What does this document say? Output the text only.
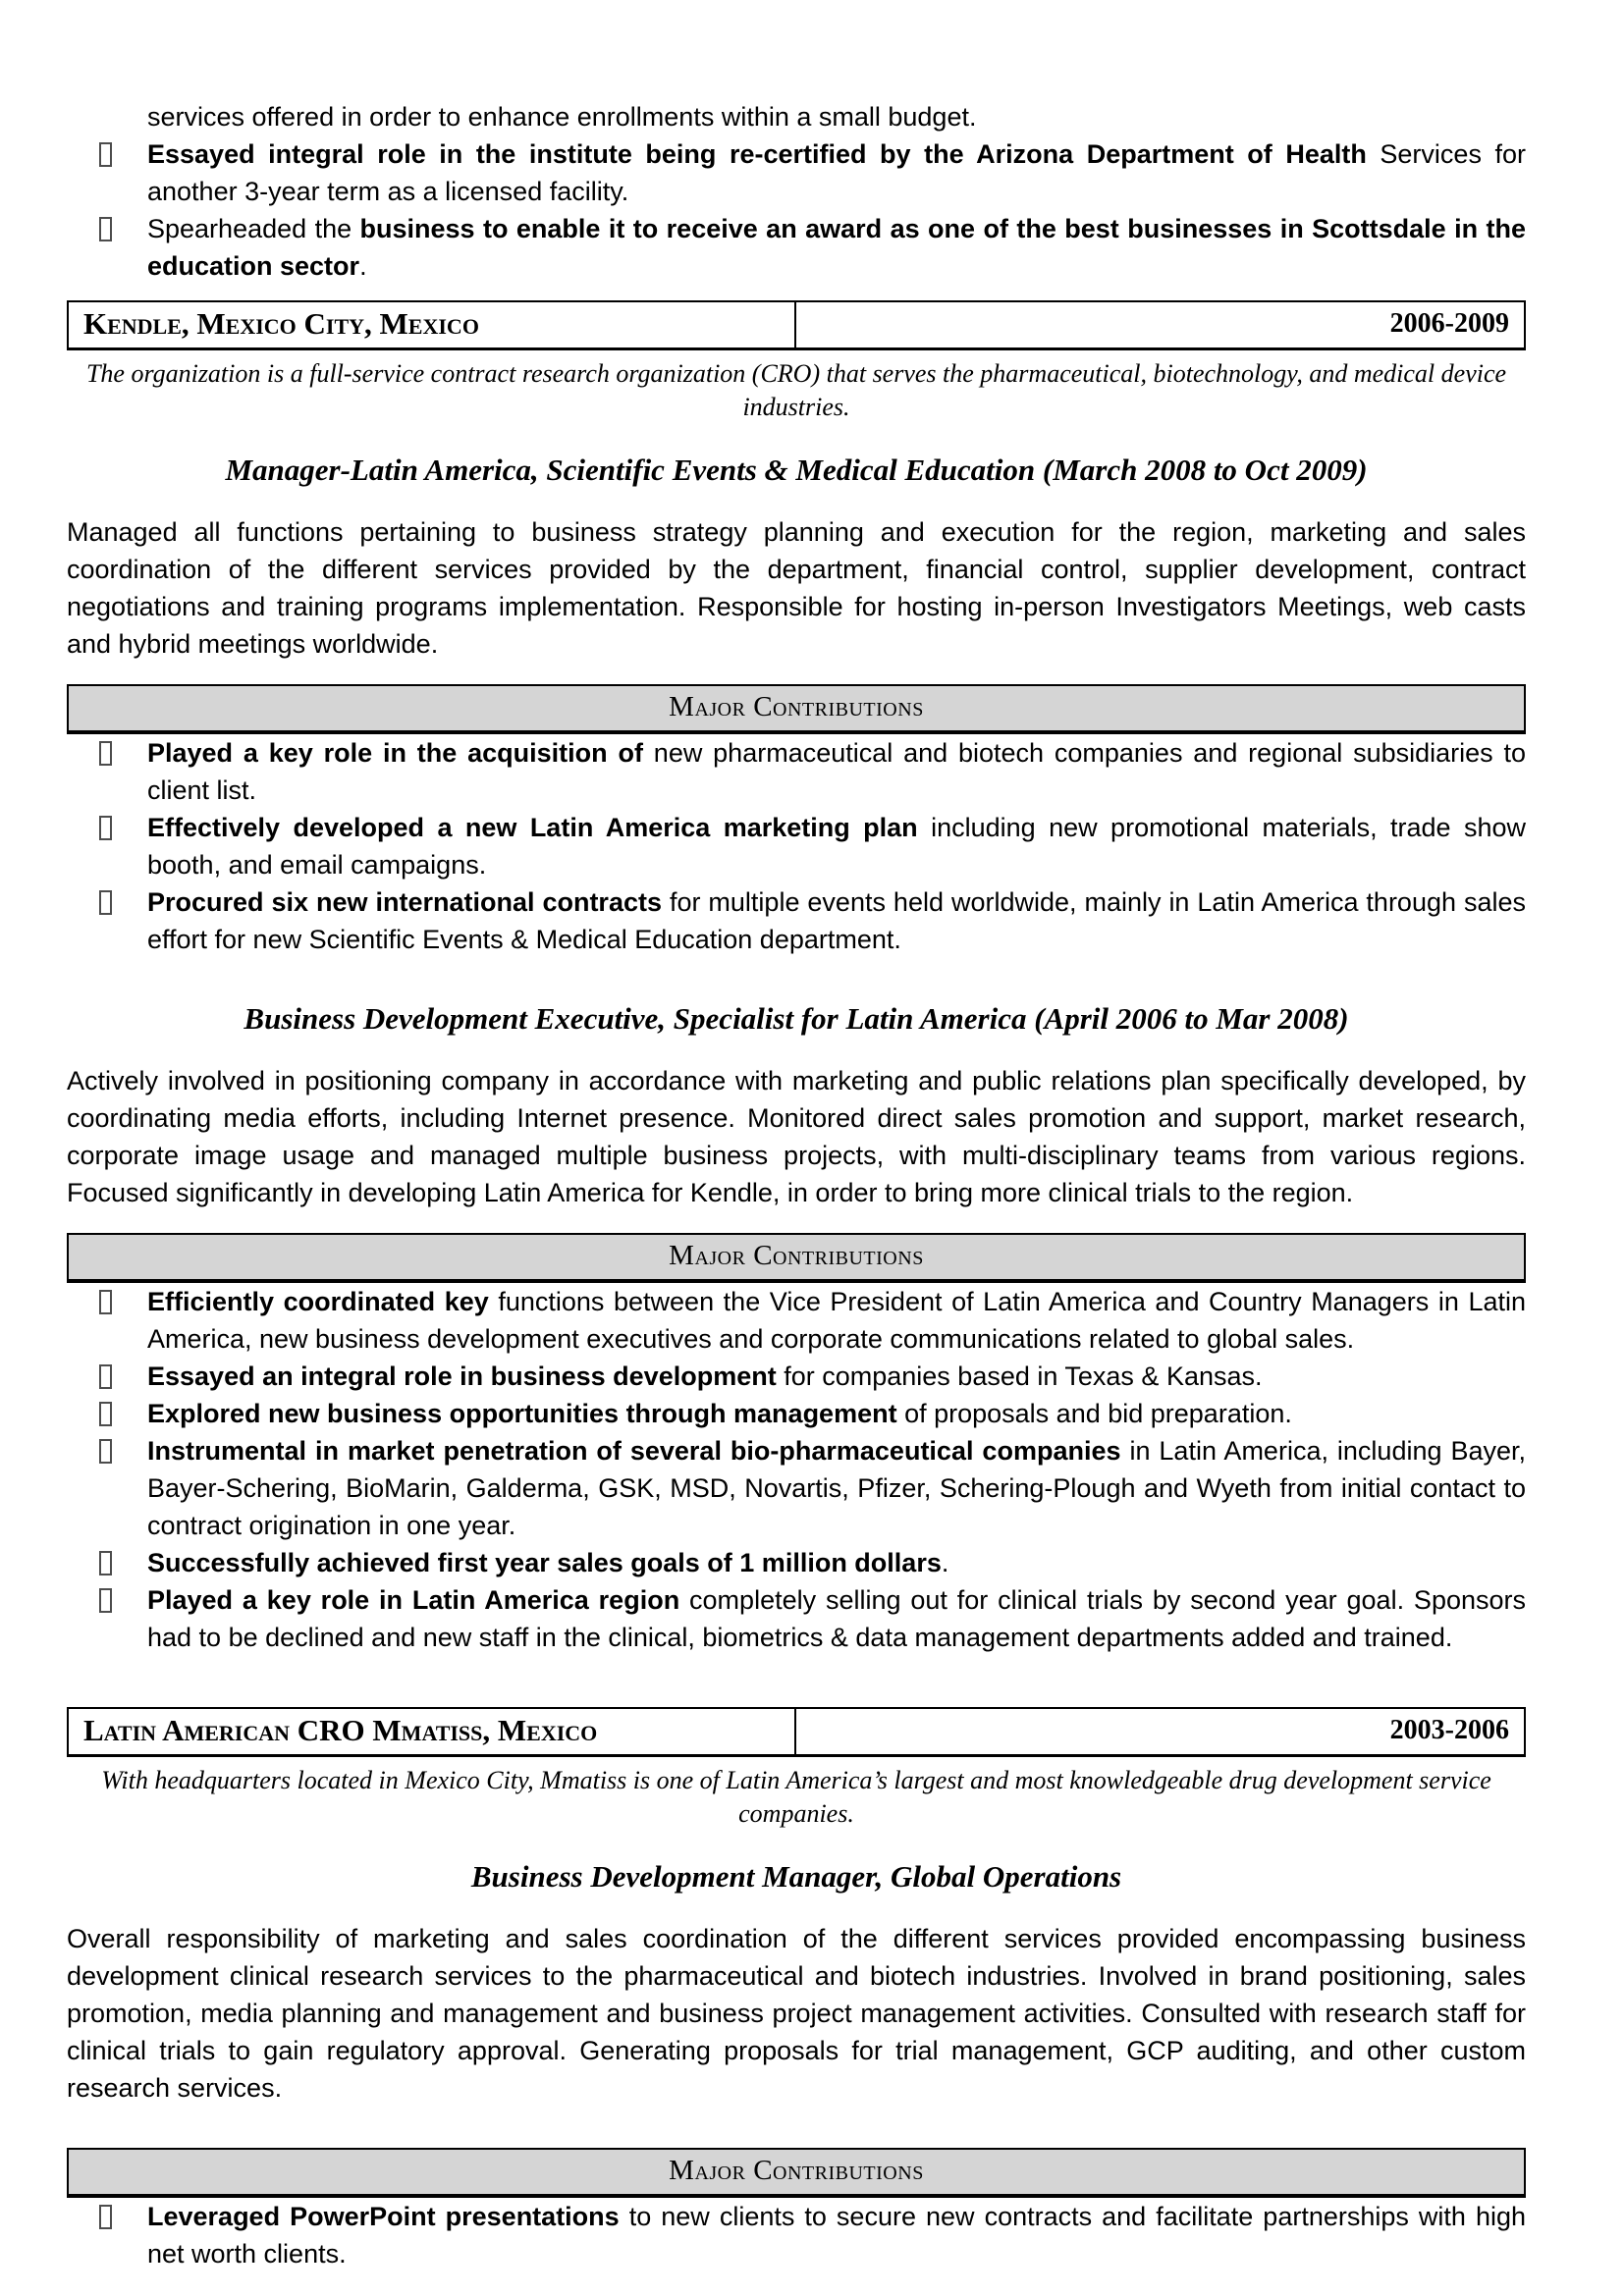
services offered in order to enhance enrollments within a small budget.
Essayed integral role in the institute being re-certified by the Arizona Department of Health Services for another 3-year term as a licensed facility.
Spearheaded the business to enable it to receive an award as one of the best businesses in Scottsdale in the education sector.
Kendle, Mexico City, Mexico	2006-2009
The organization is a full-service contract research organization (CRO) that serves the pharmaceutical, biotechnology, and medical device industries.
Manager-Latin America, Scientific Events & Medical Education (March 2008 to Oct 2009)
Managed all functions pertaining to business strategy planning and execution for the region, marketing and sales coordination of the different services provided by the department, financial control, supplier development, contract negotiations and training programs implementation. Responsible for hosting in-person Investigators Meetings, web casts and hybrid meetings worldwide.
Major Contributions
Played a key role in the acquisition of new pharmaceutical and biotech companies and regional subsidiaries to client list.
Effectively developed a new Latin America marketing plan including new promotional materials, trade show booth, and email campaigns.
Procured six new international contracts for multiple events held worldwide, mainly in Latin America through sales effort for new Scientific Events & Medical Education department.
Business Development Executive, Specialist for Latin America (April 2006 to Mar 2008)
Actively involved in positioning company in accordance with marketing and public relations plan specifically developed, by coordinating media efforts, including Internet presence. Monitored direct sales promotion and support, market research, corporate image usage and managed multiple business projects, with multi-disciplinary teams from various regions. Focused significantly in developing Latin America for Kendle, in order to bring more clinical trials to the region.
Major Contributions
Efficiently coordinated key functions between the Vice President of Latin America and Country Managers in Latin America, new business development executives and corporate communications related to global sales.
Essayed an integral role in business development for companies based in Texas & Kansas.
Explored new business opportunities through management of proposals and bid preparation.
Instrumental in market penetration of several bio-pharmaceutical companies in Latin America, including Bayer, Bayer-Schering, BioMarin, Galderma, GSK, MSD, Novartis, Pfizer, Schering-Plough and Wyeth from initial contact to contract origination in one year.
Successfully achieved first year sales goals of 1 million dollars.
Played a key role in Latin America region completely selling out for clinical trials by second year goal. Sponsors had to be declined and new staff in the clinical, biometrics & data management departments added and trained.
Latin American CRO Mmatiss, Mexico	2003-2006
With headquarters located in Mexico City, Mmatiss is one of Latin America’s largest and most knowledgeable drug development service companies.
Business Development Manager, Global Operations
Overall responsibility of marketing and sales coordination of the different services provided encompassing business development clinical research services to the pharmaceutical and biotech industries. Involved in brand positioning, sales promotion, media planning and management and business project management activities. Consulted with research staff for clinical trials to gain regulatory approval. Generating proposals for trial management, GCP auditing, and other custom research services.
Major Contributions
Leveraged PowerPoint presentations to new clients to secure new contracts and facilitate partnerships with high net worth clients.
